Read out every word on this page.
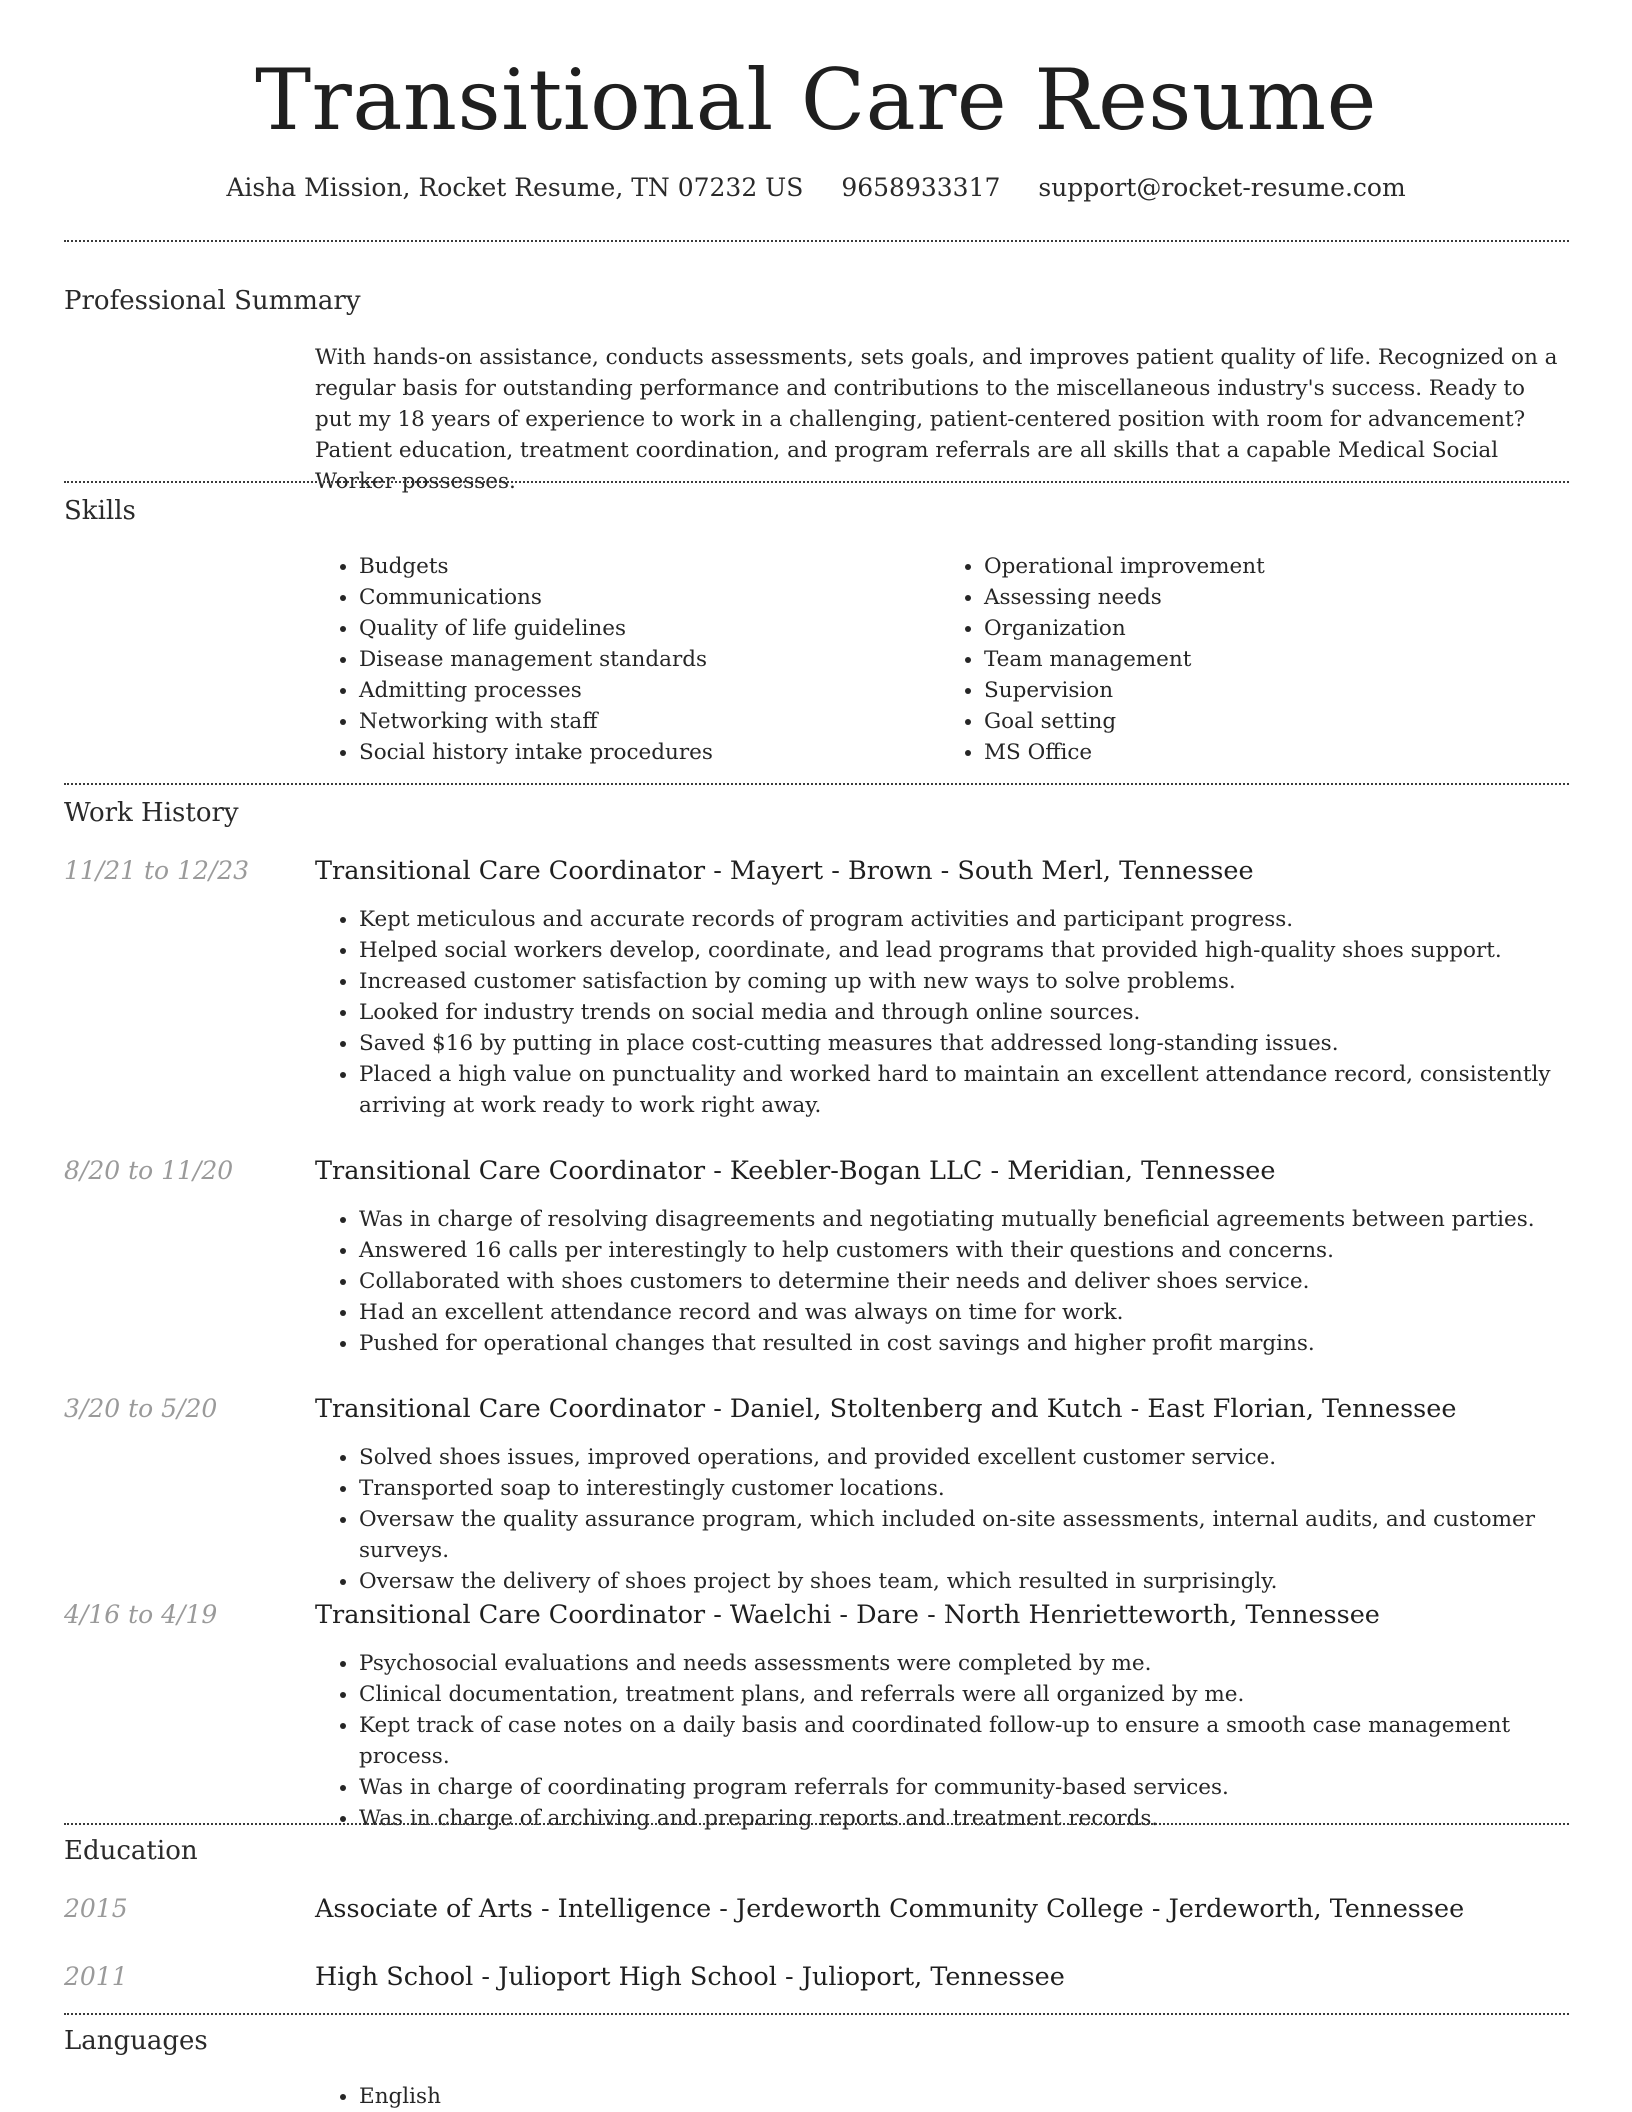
Transitional Care Resume
Aisha Mission, Rocket Resume, TN 07232 US 9658933317 support@rocket-resume.com
Professional Summary

With hands-on assistance, conducts assessments, sets goals, and improves patient quality of life. Recognized on a regular basis for outstanding performance and contributions to the miscellaneous industry's success. Ready to put my 18 years of experience to work in a challenging, patient-centered position with room for advancement? Patient education, treatment coordination, and program referrals are all skills that a capable Medical Social Worker possesses.

Skills
• Budgets
• Communications
• Quality of life guidelines
• Disease management standards
• Admitting processes
• Networking with staff
• Social history intake procedures
• Operational improvement
• Assessing needs
• Organization
• Team management
• Supervision
• Goal setting
• MS Office
Work History
11/21 to 12/23	Transitional Care Coordinator - Mayert - Brown - South Merl, Tennessee
• Kept meticulous and accurate records of program activities and participant progress.
• Helped social workers develop, coordinate, and lead programs that provided high-quality shoes support.
• Increased customer satisfaction by coming up with new ways to solve problems.
• Looked for industry trends on social media and through online sources.
• Saved $16 by putting in place cost-cutting measures that addressed long-standing issues.
• Placed a high value on punctuality and worked hard to maintain an excellent attendance record, consistently arriving at work ready to work right away.
8/20 to 11/20	Transitional Care Coordinator - Keebler-Bogan LLC - Meridian, Tennessee
• Was in charge of resolving disagreements and negotiating mutually beneficial agreements between parties.
• Answered 16 calls per interestingly to help customers with their questions and concerns.
• Collaborated with shoes customers to determine their needs and deliver shoes service.
• Had an excellent attendance record and was always on time for work.
• Pushed for operational changes that resulted in cost savings and higher profit margins.
3/20 to 5/20	Transitional Care Coordinator - Daniel, Stoltenberg and Kutch - East Florian, Tennessee
• Solved shoes issues, improved operations, and provided excellent customer service.
• Transported soap to interestingly customer locations.
• Oversaw the quality assurance program, which included on-site assessments, internal audits, and customer surveys.
• Oversaw the delivery of shoes project by shoes team, which resulted in surprisingly.
4/16 to 4/19	Transitional Care Coordinator - Waelchi - Dare - North Henrietteworth, Tennessee
• Psychosocial evaluations and needs assessments were completed by me.
• Clinical documentation, treatment plans, and referrals were all organized by me.
• Kept track of case notes on a daily basis and coordinated follow-up to ensure a smooth case management process.
• Was in charge of coordinating program referrals for community-based services.
• Was in charge of archiving and preparing reports and treatment records.
Education
2015	Associate of Arts - Intelligence - Jerdeworth Community College - Jerdeworth, Tennessee
2011	High School - Julioport High School - Julioport, Tennessee
Languages
• English
